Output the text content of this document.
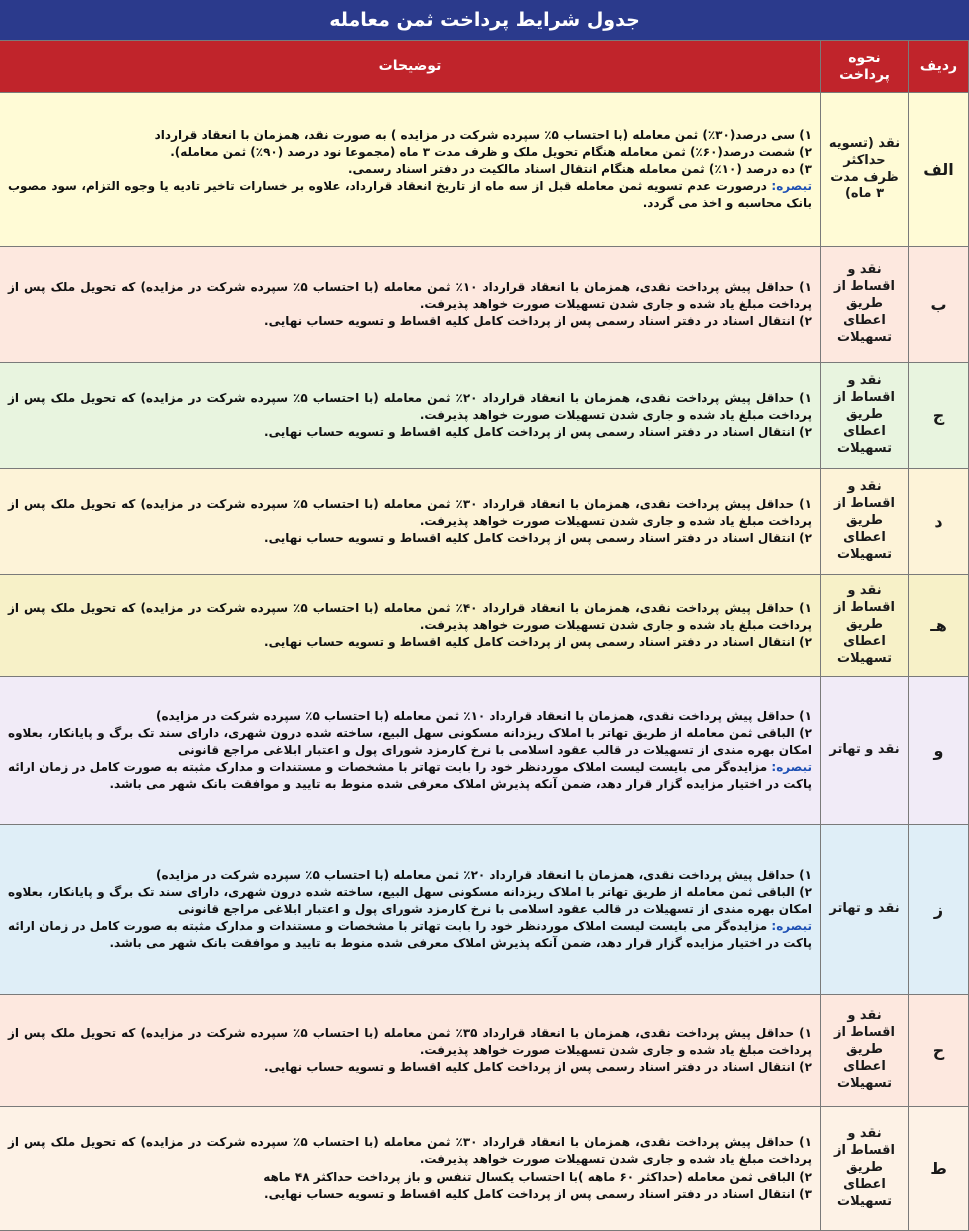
جدول شرایط پرداخت ثمن معامله
ردیف	نحوه پرداخت	توضیحات
الف	نقد (تسویه حداکثر ظرف مدت ۳ ماه)	۱) سی درصد(۳۰٪) ثمن معامله (با احتساب ۵٪ سپرده شرکت در مزایده ) به صورت نقد، همزمان با انعقاد قرارداد
۲) شصت درصد(۶۰٪) ثمن معامله هنگام تحویل ملک و ظرف مدت ۳ ماه (مجموعا نود درصد (۹۰٪) ثمن معامله).
۳) ده درصد (۱۰٪) ثمن معامله هنگام انتقال اسناد مالکیت در دفتر اسناد رسمی.
تبصره: درصورت عدم تسویه ثمن معامله قبل از سه ماه از تاریخ انعقاد قرارداد، علاوه بر خسارات تاخیر تادیه یا وجوه التزام، سود مصوب بانک محاسبه و اخذ می گردد.

ب	نقد و اقساط از طریق اعطای تسهیلات	۱) حداقل پیش پرداخت نقدی، همزمان با انعقاد قرارداد ۱۰٪ ثمن معامله (با احتساب ۵٪ سپرده شرکت در مزایده) که تحویل ملک پس از پرداخت مبلغ یاد شده و جاری شدن تسهیلات صورت خواهد پذیرفت.
۲) انتقال اسناد در دفتر اسناد رسمی پس از پرداخت کامل کلیه اقساط و تسویه حساب نهایی.

ج	نقد و اقساط از طریق اعطای تسهیلات	۱) حداقل پیش پرداخت نقدی، همزمان با انعقاد قرارداد ۲۰٪ ثمن معامله (با احتساب ۵٪ سپرده شرکت در مزایده) که تحویل ملک پس از پرداخت مبلغ یاد شده و جاری شدن تسهیلات صورت خواهد پذیرفت.
۲) انتقال اسناد در دفتر اسناد رسمی پس از پرداخت کامل کلیه اقساط و تسویه حساب نهایی.

د	نقد و اقساط از طریق اعطای تسهیلات	۱) حداقل پیش پرداخت نقدی، همزمان با انعقاد قرارداد ۳۰٪ ثمن معامله (با احتساب ۵٪ سپرده شرکت در مزایده) که تحویل ملک پس از پرداخت مبلغ یاد شده و جاری شدن تسهیلات صورت خواهد پذیرفت.
۲) انتقال اسناد در دفتر اسناد رسمی پس از پرداخت کامل کلیه اقساط و تسویه حساب نهایی.

هـ	نقد و اقساط از طریق اعطای تسهیلات	۱) حداقل پیش پرداخت نقدی، همزمان با انعقاد قرارداد ۴۰٪ ثمن معامله (با احتساب ۵٪ سپرده شرکت در مزایده) که تحویل ملک پس از پرداخت مبلغ یاد شده و جاری شدن تسهیلات صورت خواهد پذیرفت.
۲) انتقال اسناد در دفتر اسناد رسمی پس از پرداخت کامل کلیه اقساط و تسویه حساب نهایی.

و	نقد و تهاتر	۱) حداقل پیش پرداخت نقدی، همزمان با انعقاد قرارداد ۱۰٪ ثمن معامله (با احتساب ۵٪ سپرده شرکت در مزایده)
۲) الباقی ثمن معامله از طریق تهاتر با املاک ریزدانه مسکونی سهل البیع، ساخته شده درون شهری، دارای سند تک برگ و پایانکار، بعلاوه امکان بهره مندی از تسهیلات در قالب عقود اسلامی با نرخ کارمزد شورای پول و اعتبار ابلاغی مراجع قانونی
تبصره: مزایده‌گر می بایست لیست املاک موردنظر خود را بابت تهاتر با مشخصات و مستندات و مدارک مثبته به صورت کامل در زمان ارائه پاکت در اختیار مزایده گزار قرار دهد، ضمن آنکه پذیرش املاک معرفی شده منوط به تایید و موافقت بانک شهر می باشد.

ز	نقد و تهاتر	۱) حداقل پیش پرداخت نقدی، همزمان با انعقاد قرارداد ۲۰٪ ثمن معامله (با احتساب ۵٪ سپرده شرکت در مزایده)
۲) الباقی ثمن معامله از طریق تهاتر با املاک ریزدانه مسکونی سهل البیع، ساخته شده درون شهری، دارای سند تک برگ و پایانکار، بعلاوه امکان بهره مندی از تسهیلات در قالب عقود اسلامی با نرخ کارمزد شورای پول و اعتبار ابلاغی مراجع قانونی
تبصره: مزایده‌گر می بایست لیست املاک موردنظر خود را بابت تهاتر با مشخصات و مستندات و مدارک مثبته به صورت کامل در زمان ارائه پاکت در اختیار مزایده گزار قرار دهد، ضمن آنکه پذیرش املاک معرفی شده منوط به تایید و موافقت بانک شهر می باشد.

ح	نقد و اقساط از طریق اعطای تسهیلات	۱) حداقل پیش پرداخت نقدی، همزمان با انعقاد قرارداد ۳۵٪ ثمن معامله (با احتساب ۵٪ سپرده شرکت در مزایده) که تحویل ملک پس از پرداخت مبلغ یاد شده و جاری شدن تسهیلات صورت خواهد پذیرفت.
۲) انتقال اسناد در دفتر اسناد رسمی پس از پرداخت کامل کلیه اقساط و تسویه حساب نهایی.

ط	نقد و اقساط از طریق اعطای تسهیلات	۱) حداقل پیش پرداخت نقدی، همزمان با انعقاد قرارداد ۳۰٪ ثمن معامله (با احتساب ۵٪ سپرده شرکت در مزایده) که تحویل ملک پس از پرداخت مبلغ یاد شده و جاری شدن تسهیلات صورت خواهد پذیرفت.
۲) الباقی ثمن معامله (حداکثر ۶۰ ماهه )با احتساب یکسال تنفس و باز پرداخت حداکثر ۴۸ ماهه
۳) انتقال اسناد در دفتر اسناد رسمی پس از پرداخت کامل کلیه اقساط و تسویه حساب نهایی.
